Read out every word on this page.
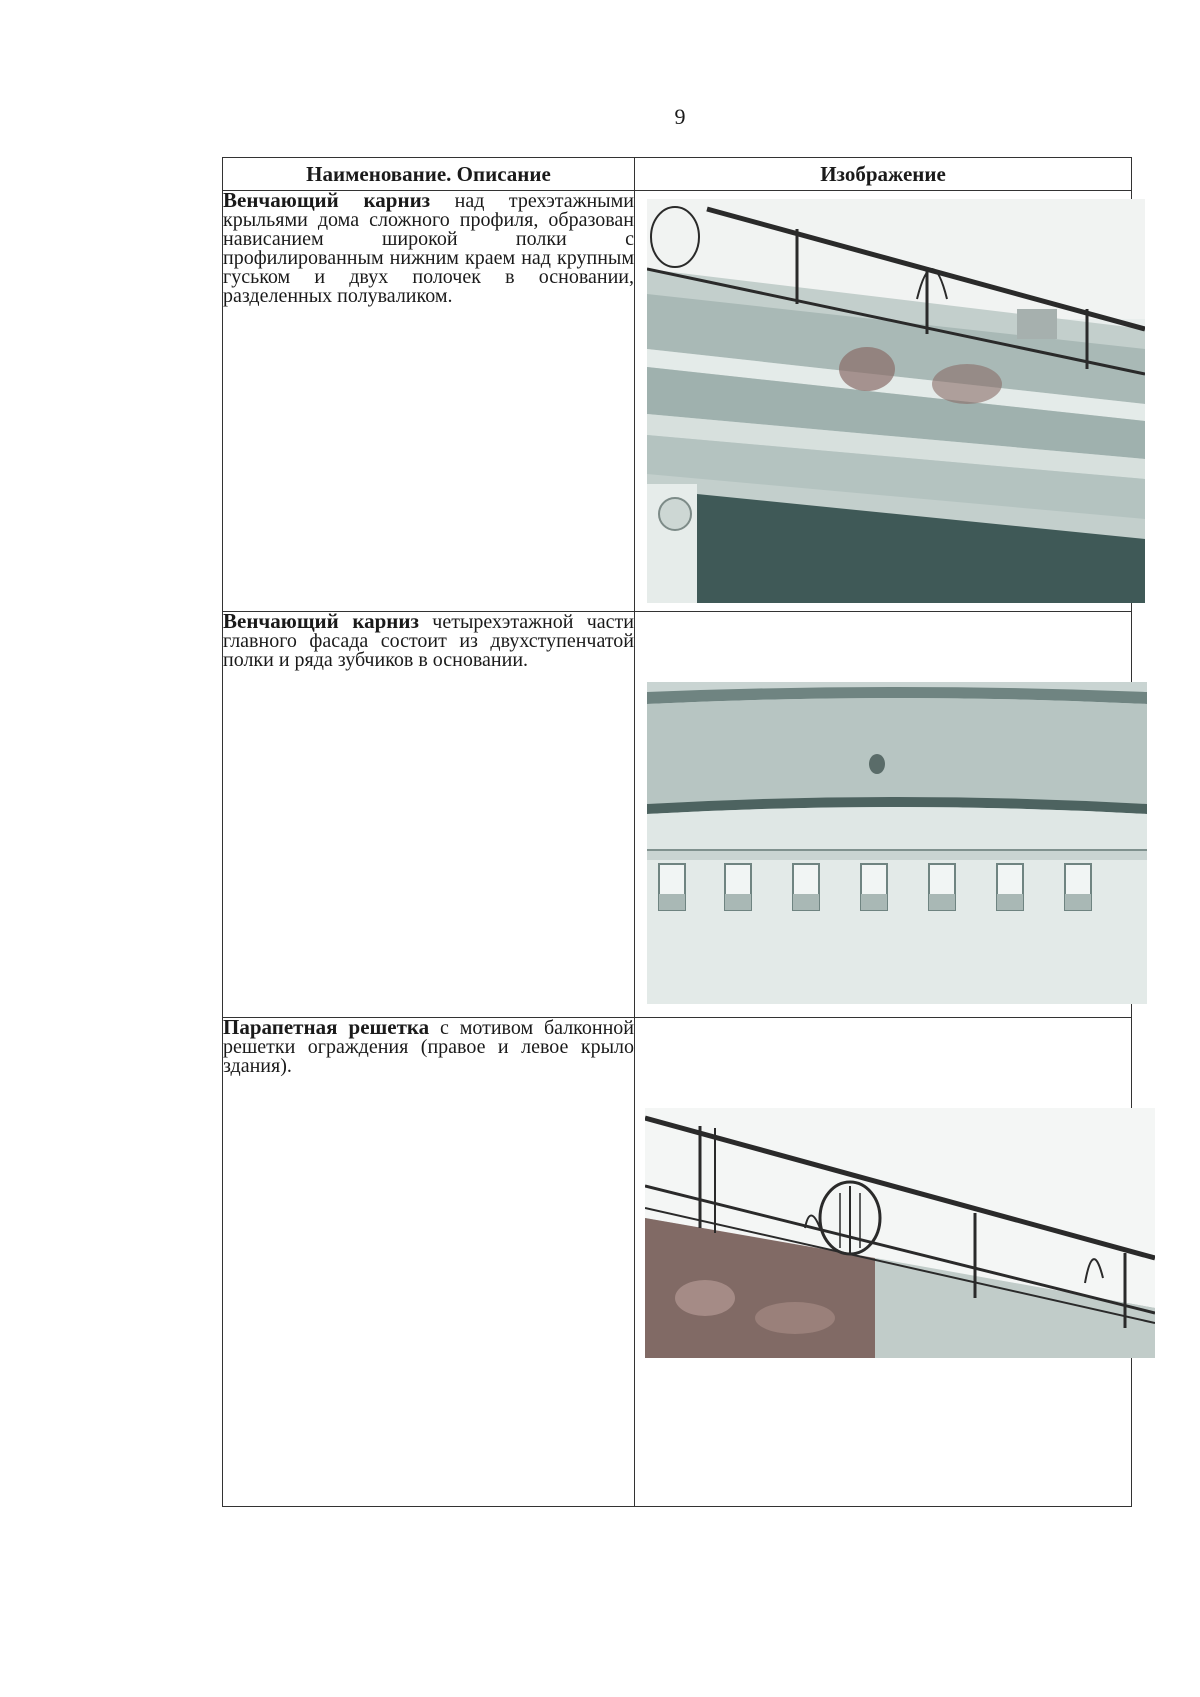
9
Наименование. Описание	Изображение
Венчающий карниз над трехэтажными крыльями дома сложного профиля, образован нависанием широкой полки с профилированным нижним краем над крупным гуськом и двух полочек в основании, разделенных полуваликом.	

Венчающий карниз четырехэтажной части главного фасада состоит из двухступенчатой полки и ряда зубчиков в основании.	

Парапетная решетка с мотивом балконной решетки ограждения (правое и левое крыло здания).	
